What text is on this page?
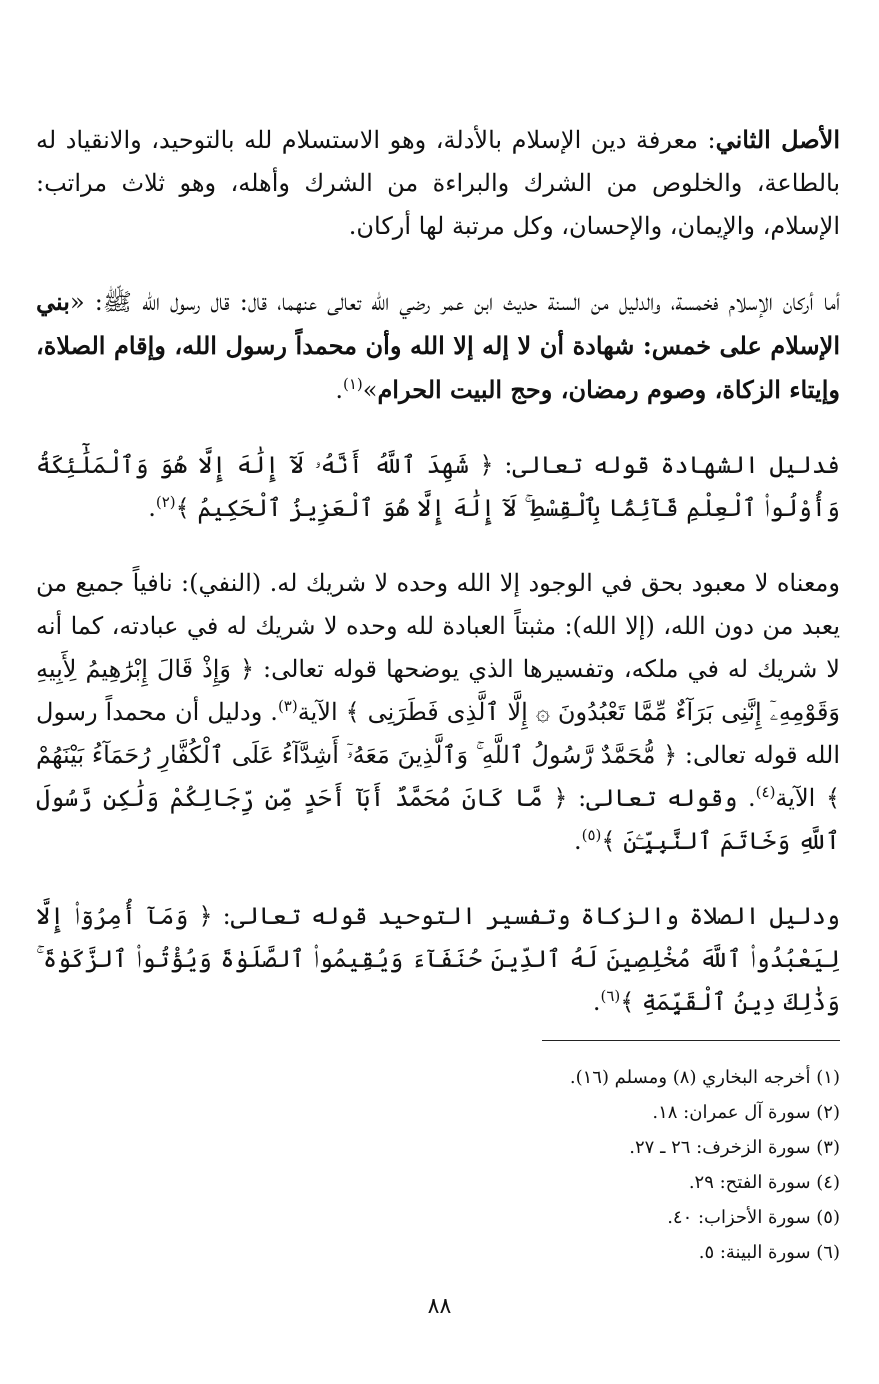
الأصل الثاني: معرفة دين الإسلام بالأدلة، وهو الاستسلام لله بالتوحيد، والانقياد له بالطاعة، والخلوص من الشرك والبراءة من الشرك وأهله، وهو ثلاث مراتب: الإسلام، والإيمان، والإحسان، وكل مرتبة لها أركان.

أما أركان الإسلام فخمسة، والدليل من السنة حديث ابن عمر رضي الله تعالى عنهما، قال: قال رسول الله ﷺ: «بني الإسلام على خمس: شهادة أن لا إله إلا الله وأن محمداً رسول الله، وإقام الصلاة، وإيتاء الزكاة، وصوم رمضان، وحج البيت الحرام»$^{(١)}$.

فدليل الشهادة قوله تعالى: ﴿ شَهِدَ ٱللَّهُ أَنَّهُۥ لَآ إِلَٰهَ إِلَّا هُوَ وَٱلْمَلَٰٓئِكَةُ وَأُوْلُوا۟ ٱلْعِلْمِ قَآئِمًۢا بِٱلْقِسْطِ ۚ لَآ إِلَٰهَ إِلَّا هُوَ ٱلْعَزِيزُ ٱلْحَكِيمُ ﴾$^{(٢)}$.

ومعناه لا معبود بحق في الوجود إلا الله وحده لا شريك له. (النفي): نافياً جميع من يعبد من دون الله، (إلا الله): مثبتاً العبادة لله وحده لا شريك له في عبادته، كما أنه لا شريك له في ملكه، وتفسيرها الذي يوضحها قوله تعالى: ﴿ وَإِذْ قَالَ إِبْرَٰهِيمُ لِأَبِيهِ وَقَوْمِهِۦٓ إِنَّنِى بَرَآءٌ مِّمَّا تَعْبُدُونَ ۞ إِلَّا ٱلَّذِى فَطَرَنِى ﴾ الآية$^{(٣)}$. ودليل أن محمداً رسول الله قوله تعالى: ﴿ مُّحَمَّدٌ رَّسُولُ ٱللَّهِ ۚ وَٱلَّذِينَ مَعَهُۥٓ أَشِدَّآءُ عَلَى ٱلْكُفَّارِ رُحَمَآءُ بَيْنَهُمْ ﴾ الآية$^{(٤)}$. وقوله تعالى: ﴿ مَّا كَانَ مُحَمَّدٌ أَبَآ أَحَدٍ مِّن رِّجَالِكُمْ وَلَٰكِن رَّسُولَ ٱللَّهِ وَخَاتَمَ ٱلنَّبِيِّـۧنَ ﴾$^{(٥)}$.

ودليل الصلاة والزكاة وتفسير التوحيد قوله تعالى: ﴿ وَمَآ أُمِرُوٓا۟ إِلَّا لِيَعْبُدُوا۟ ٱللَّهَ مُخْلِصِينَ لَهُ ٱلدِّينَ حُنَفَآءَ وَيُقِيمُوا۟ ٱلصَّلَوٰةَ وَيُؤْتُوا۟ ٱلزَّكَوٰةَ ۚ وَذَٰلِكَ دِينُ ٱلْقَيِّمَةِ ﴾$^{(٦)}$.

(١) أخرجه البخاري (٨) ومسلم (١٦).
(٢) سورة آل عمران: ١٨.
(٣) سورة الزخرف: ٢٦ ـ ٢٧.
(٤) سورة الفتح: ٢٩.
(٥) سورة الأحزاب: ٤٠.
(٦) سورة البينة: ٥.
٨٨
